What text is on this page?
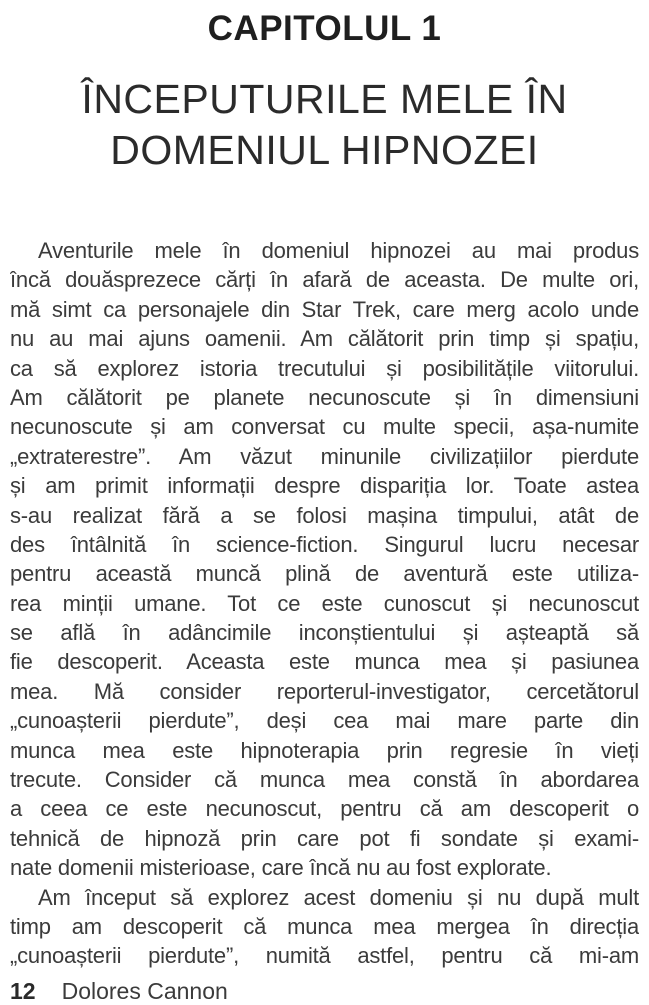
CAPITOLUL 1
ÎNCEPUTURILE MELE ÎN
DOMENIUL HIPNOZEI
Aventurile mele în domeniul hipnozei au mai produs
încă douăsprezece cărți în afară de aceasta. De multe ori,
mă simt ca personajele din Star Trek, care merg acolo unde
nu au mai ajuns oamenii. Am călătorit prin timp și spațiu,
ca să explorez istoria trecutului și posibilitățile viitorului.
Am călătorit pe planete necunoscute și în dimensiuni
necunoscute și am conversat cu multe specii, așa-numite
„extraterestre”. Am văzut minunile civilizațiilor pierdute
și am primit informații despre dispariția lor. Toate astea
s-au realizat fără a se folosi mașina timpului, atât de
des întâlnită în science-fiction. Singurul lucru necesar
pentru această muncă plină de aventură este utiliza-
rea minții umane. Tot ce este cunoscut și necunoscut
se află în adâncimile inconștientului și așteaptă să
fie descoperit. Aceasta este munca mea și pasiunea
mea. Mă consider reporterul-investigator, cercetătorul
„cunoașterii pierdute”, deși cea mai mare parte din
munca mea este hipnoterapia prin regresie în vieți
trecute. Consider că munca mea constă în abordarea
a ceea ce este necunoscut, pentru că am descoperit o
tehnică de hipnoză prin care pot fi sondate și exami-
nate domenii misterioase, care încă nu au fost explorate.
Am început să explorez acest domeniu și nu după mult
timp am descoperit că munca mea mergea în direcția
„cunoașterii pierdute”, numită astfel, pentru că mi-am
12 Dolores Cannon
